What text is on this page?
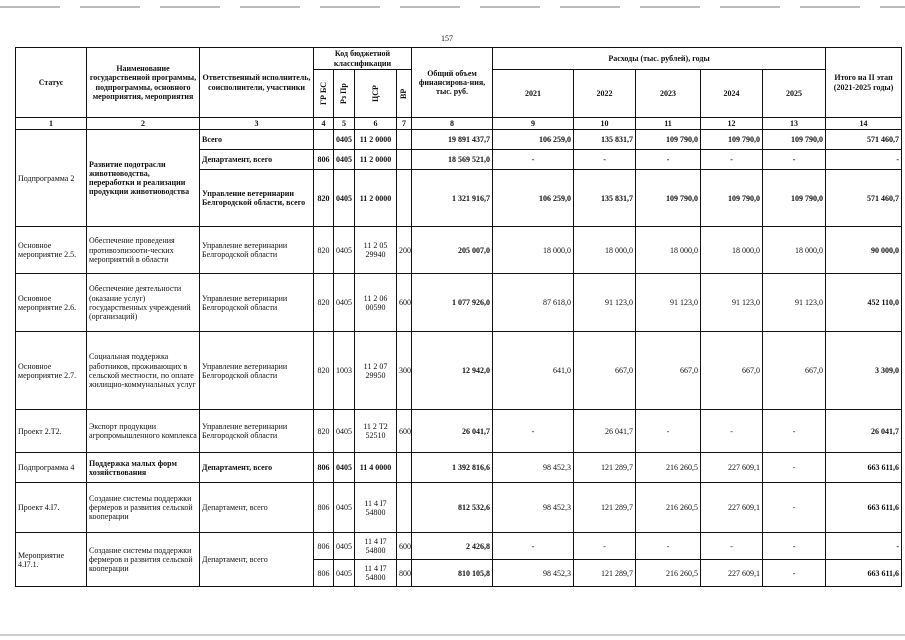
157
Статус	Наименование государственной программы, подпрограммы, основного мероприятия, мероприятия	Ответственный исполнитель, соисполнители, участники	Код бюджетной классификации				Общий объем финансирова-ния, тыс. руб.	Расходы (тыс. рублей), годы					Итого на II этап (2021-2025 годы)

			ГР БС	Рз Пр	ЦСР	ВР		2021	2022	2023	2024	2025	
1	2	3	4	5	6	7	8	9	10	11	12	13	14
Подпрограмма 2	Развитие подотрасли животноводства, переработки и реализации продукции животноводства	Всего		0405	11 2 0000		19 891 437,7	106 259,0	135 831,7	109 790,0	109 790,0	109 790,0	571 460,7
		Департамент, всего	806	0405	11 2 0000		18 569 521,0	-	-	-	-	-	-
		Управление ветеринарии Белгородской области, всего	820	0405	11 2 0000		1 321 916,7	106 259,0	135 831,7	109 790,0	109 790,0	109 790,0	571 460,7
Основное мероприятие 2.5.	Обеспечение проведения противоэпизооти-ческих мероприятий в области	Управление ветеринарии Белгородской области	820	0405	11 2 05 29940	200	205 007,0	18 000,0	18 000,0	18 000,0	18 000,0	18 000,0	90 000,0
Основное мероприятие 2.6.	Обеспечение деятельности (оказание услуг) государственных учреждений (организаций)	Управление ветеринарии Белгородской области	820	0405	11 2 06 00590	600	1 077 926,0	87 618,0	91 123,0	91 123,0	91 123,0	91 123,0	452 110,0
Основное мероприятие 2.7.	Социальная поддержка работников, проживающих в сельской местности, по оплате жилищно-коммунальных услуг	Управление ветеринарии Белгородской области	820	1003	11 2 07 29950	300	12 942,0	641,0	667,0	667,0	667,0	667,0	3 309,0
Проект 2.Т2.	Экспорт продукции агропромышленного комплекса	Управление ветеринарии Белгородской области	820	0405	11 2 Т2 52510	600	26 041,7	-	26 041,7	-	-	-	26 041,7
Подпрограмма 4	Поддержка малых форм хозяйствования	Департамент, всего	806	0405	11 4 0000		1 392 816,6	98 452,3	121 289,7	216 260,5	227 609,1	-	663 611,6
Проект 4.I7.	Создание системы поддержки фермеров и развития сельской кооперации	Департамент, всего	806	0405	11 4 I7 54800		812 532,6	98 452,3	121 289,7	216 260,5	227 609,1	-	663 611,6
Мероприятие 4.I7.1.	Создание системы поддержки фермеров и развития сельской кооперации	Департамент, всего	806	0405	11 4 I7 54800	600	2 426,8	-	-	-	-	-	-
			806	0405	11 4 I7 54800	800	810 105,8	98 452,3	121 289,7	216 260,5	227 609,1	-	663 611,6
